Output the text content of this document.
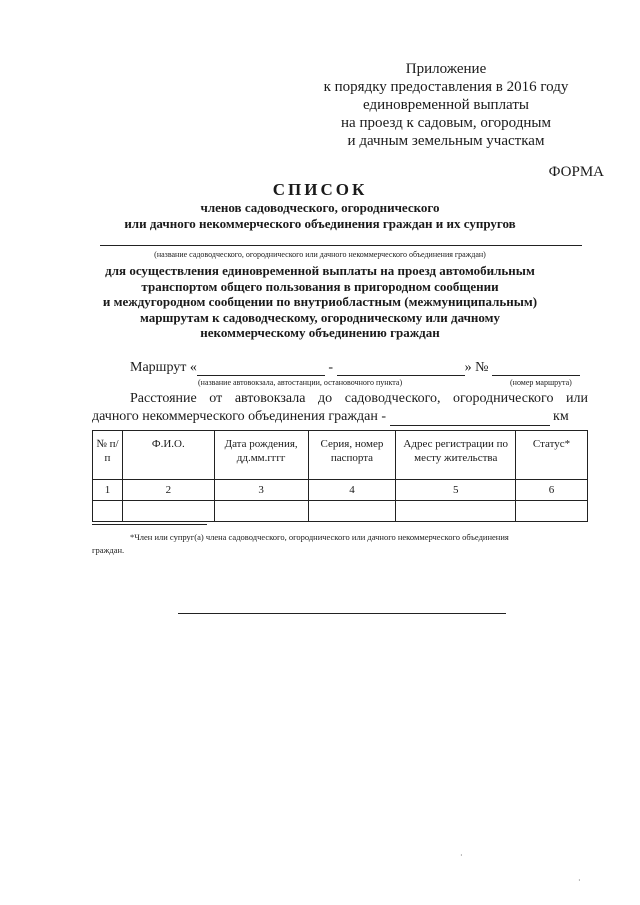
Приложение
к порядку предоставления в 2016 году
единовременной выплаты
на проезд к садовым, огородным
и дачным земельным участкам
ФОРМА
СПИСОК
членов садоводческого, огороднического
или дачного некоммерческого объединения граждан и их супругов
(название садоводческого, огороднического или дачного некоммерческого объединения граждан)
для осуществления единовременной выплаты на проезд автомобильным
транспортом общего пользования в пригородном сообщении
и междугородном сообщении по внутриобластным (межмуниципальным)
маршрутам к садоводческому, огородническому или дачному
некоммерческому объединению граждан
Маршрут «	-	» №
(название автовокзала, автостанции, остановочного пункта)	(номер маршрута)
Расстояние от автовокзала до садоводческого, огороднического или
дачного некоммерческого объединения граждан -	км
№ п/п	Ф.И.О.	Дата рождения, дд.мм.гггг	Серия, номер паспорта	Адрес регистрации по месту жительства	Статус*
1	2	3	4	5	6

*Член или супруг(а) члена садоводческого, огороднического или дачного некоммерческого объединения
граждан.
·
·
